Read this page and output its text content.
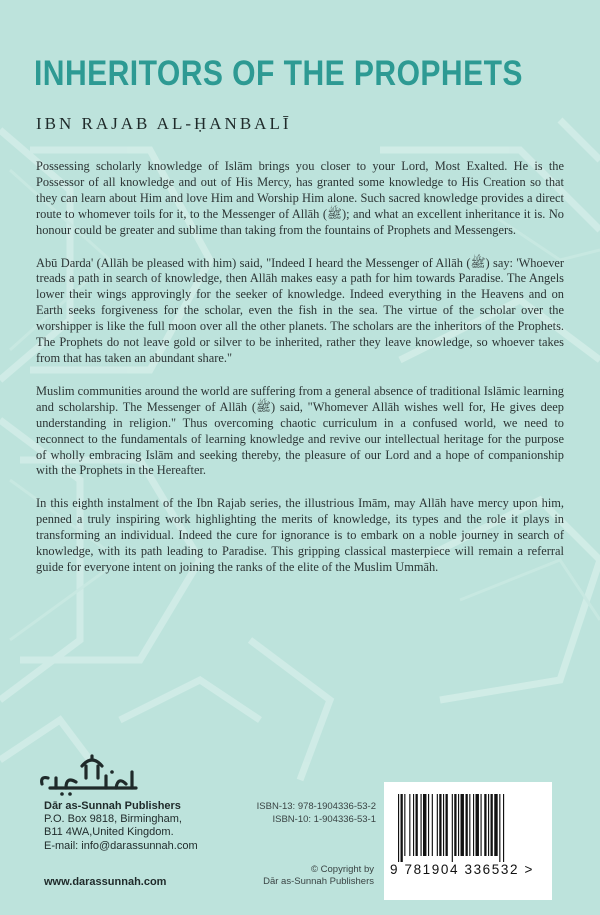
INHERITORS OF THE PROPHETS
IBN RAJAB AL-ḤANBALĪ

Possessing scholarly knowledge of Islām brings you closer to your Lord, Most Exalted. He is the Possessor of all knowledge and out of His Mercy, has granted some knowledge to His Creation so that they can learn about Him and love Him and Worship Him alone. Such sacred knowledge provides a direct route to whomever toils for it, to the Messenger of Allāh (ﷺ); and what an excellent inheritance it is. No honour could be greater and sublime than taking from the fountains of Prophets and Messengers.

Abū Darda' (Allāh be pleased with him) said, "Indeed I heard the Messenger of Allāh (ﷺ) say: 'Whoever treads a path in search of knowledge, then Allāh makes easy a path for him towards Paradise. The Angels lower their wings approvingly for the seeker of knowledge. Indeed everything in the Heavens and on Earth seeks forgiveness for the scholar, even the fish in the sea. The virtue of the scholar over the worshipper is like the full moon over all the other planets. The scholars are the inheritors of the Prophets. The Prophets do not leave gold or silver to be inherited, rather they leave knowledge, so whoever takes from that has taken an abundant share."

Muslim communities around the world are suffering from a general absence of traditional Islāmic learning and scholarship. The Messenger of Allāh (ﷺ) said, "Whomever Allāh wishes well for, He gives deep understanding in religion." Thus overcoming chaotic curriculum in a confused world, we need to reconnect to the fundamentals of learning knowledge and revive our intellectual heritage for the purpose of wholly embracing Islām and seeking thereby, the pleasure of our Lord and a hope of companionship with the Prophets in the Hereafter.

In this eighth instalment of the Ibn Rajab series, the illustrious Imām, may Allāh have mercy upon him, penned a truly inspiring work highlighting the merits of knowledge, its types and the role it plays in transforming an individual. Indeed the cure for ignorance is to embark on a noble journey in search of knowledge, with its path leading to Paradise. This gripping classical masterpiece will remain a referral guide for everyone intent on joining the ranks of the elite of the Muslim Ummāh.

Dār as-Sunnah Publishers
P.O. Box 9818, Birmingham,
B11 4WA,United Kingdom.
E-mail: info@darassunnah.com
www.darassunnah.com
ISBN-13: 978-1904336-53-2
ISBN-10: 1-904336-53-1
© Copyright by
Dār as-Sunnah Publishers
9 781904 336532 >
